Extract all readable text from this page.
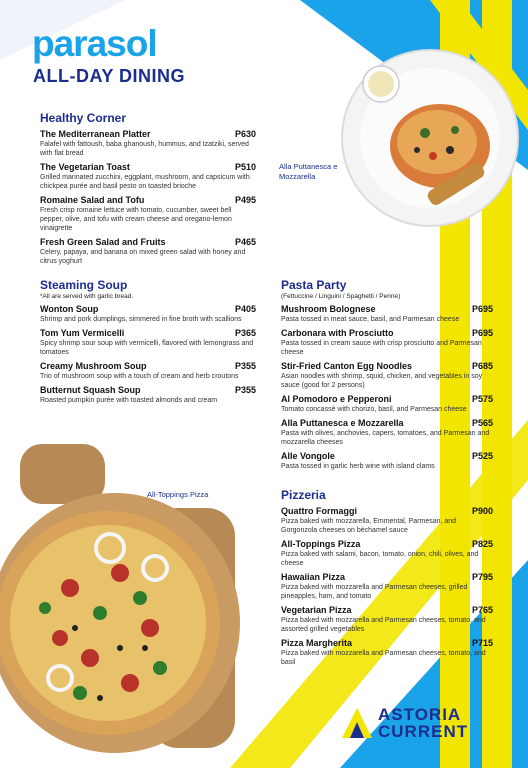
parasol
ALL-DAY DINING
Alla Puttanesca e Mozzarella
All-Toppings Pizza
Healthy Corner
The Mediterranean Platter	P630
Falafel with fattoush, baba ghanoush, hummus, and tzatziki, served with flat bread
The Vegetarian Toast	P510
Grilled marinated zucchini, eggplant, mushroom, and capsicum with chickpea purée and basil pesto on toasted brioche
Romaine Salad and Tofu	P495
Fresh crisp romaine lettuce with tomato, cucumber, sweet bell pepper, olive, and tofu with cream cheese and oregano-lemon vinaigrette
Fresh Green Salad and Fruits	P465
Celery, papaya, and banana on mixed green salad with honey and citrus yoghurt
Steaming Soup
*All are served with garlic bread.
Wonton Soup	P405
Shrimp and pork dumplings, simmered in fine broth with scallions
Tom Yum Vermicelli	P365
Spicy shrimp sour soup with vermicelli, flavored with lemongrass and tomatoes
Creamy Mushroom Soup	P355
Trio of mushroom soup with a touch of cream and herb croutons
Butternut Squash Soup	P355
Roasted pumpkin purée with toasted almonds and cream
Pasta Party
(Fettuccine / Linguini / Spaghetti / Penne)
Mushroom Bolognese	P695
Pasta tossed in meat sauce, basil, and Parmesan cheese
Carbonara with Prosciutto	P695
Pasta tossed in cream sauce with crisp prosciutto and Parmesan cheese
Stir-Fried Canton Egg Noodles	P685
Asian noodles with shrimp, squid, chicken, and vegetables in soy sauce (good for 2 persons)
Al Pomodoro e Pepperoni	P575
Tomato concassé with chorizo, basil, and Parmesan cheese
Alla Puttanesca e Mozzarella	P565
Pasta with olives, anchovies, capers, tomatoes, and Parmesan and mozzarella cheeses
Alle Vongole	P525
Pasta tossed in garlic herb wine with island clams
Pizzeria
Quattro Formaggi	P900
Pizza baked with mozzarella, Emmental, Parmesan, and Gorgonzola cheeses on béchamel sauce
All-Toppings Pizza	P825
Pizza baked with salami, bacon, tomato, onion, chili, olives, and cheese
Hawaiian Pizza	P795
Pizza baked with mozzarella and Parmesan cheeses, grilled pineapples, ham, and tomato
Vegetarian Pizza	P765
Pizza baked with mozzarella and Parmesan cheeses, tomato, and assorted grilled vegetables
Pizza Margherita	P715
Pizza baked with mozzarella and Parmesan cheeses, tomato, and basil
ASTORIA
CURRENT
